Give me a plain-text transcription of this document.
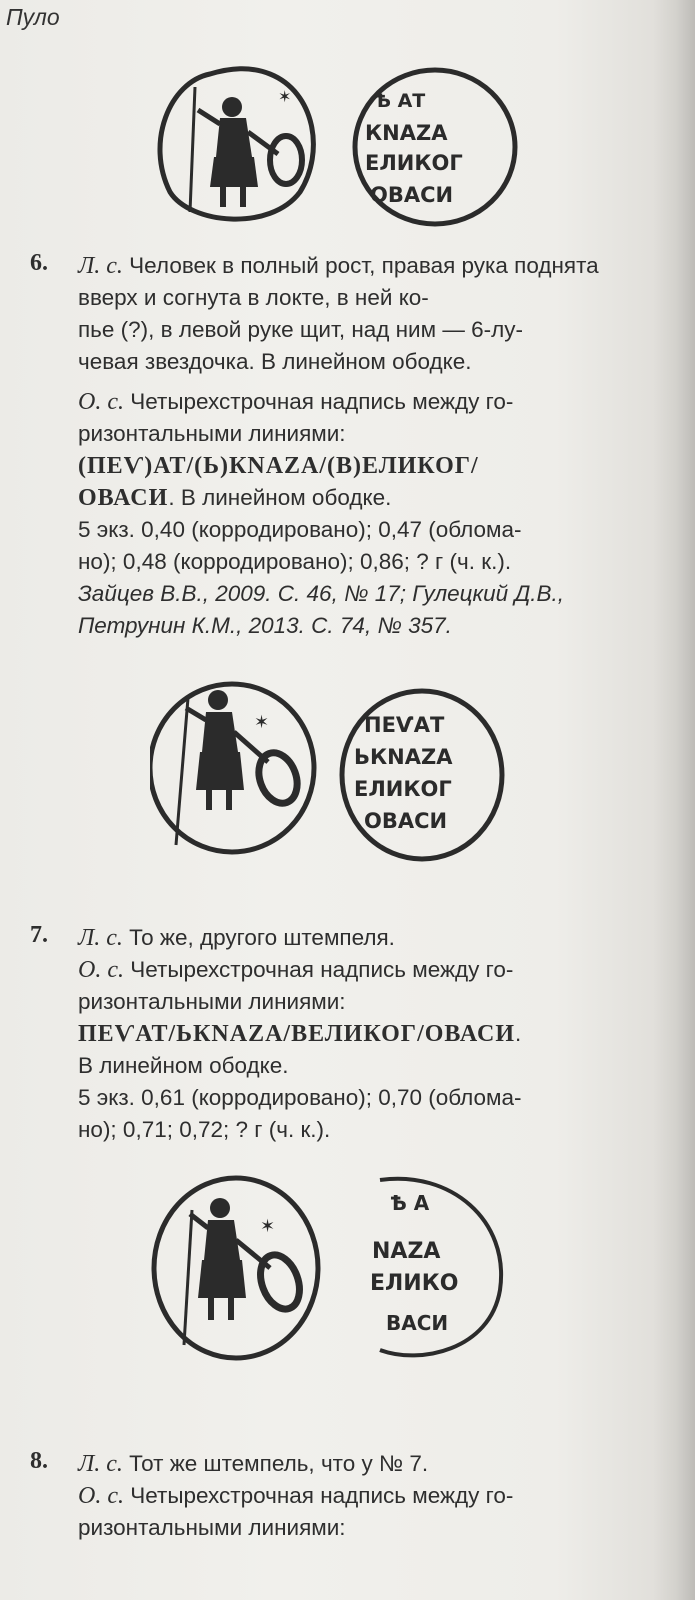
Пуло
✶	Ѣ АТ
КNАZА
ЕЛИКОГ
ОВАСИ
6.	Л. с. Человек в полный рост, правая рука поднята вверх и согнута в локте, в ней ко-

пье (?), в левой руке щит, над ним — 6-лу-

чевая звездочка. В линейном ободке.

О. с. Четырехстрочная надпись между го-

ризонтальными линиями:

(ПЕѴ)АТ/(Ь)КNАZА/(В)ЕЛИКОГ/

ОВАСИ. В линейном ободке.

5 экз. 0,40 (корродировано); 0,47 (облома-

но); 0,48 (корродировано); 0,86; ? г (ч. к.).

Зайцев В.В., 2009. С. 46, № 17; Гулецкий Д.В.,

Петрунин К.М., 2013. С. 74, № 357.

✶	ПЕѴАТ
ЬКNАZА
ЕЛИКОГ
ОВАСИ
7.	Л. с. То же, другого штемпеля.

О. с. Четырехстрочная надпись между го-

ризонтальными линиями:

ПЕѴАТ/ЬКNАZА/ВЕЛИКОГ/ОВАСИ.

В линейном ободке.

5 экз. 0,61 (корродировано); 0,70 (облома-

но); 0,71; 0,72; ? г (ч. к.).

✶
Ѣ А
NАZА
ЕЛИКО
ВАСИ
8.	Л. с. Тот же штемпель, что у № 7.

О. с. Четырехстрочная надпись между го-

ризонтальными линиями:
